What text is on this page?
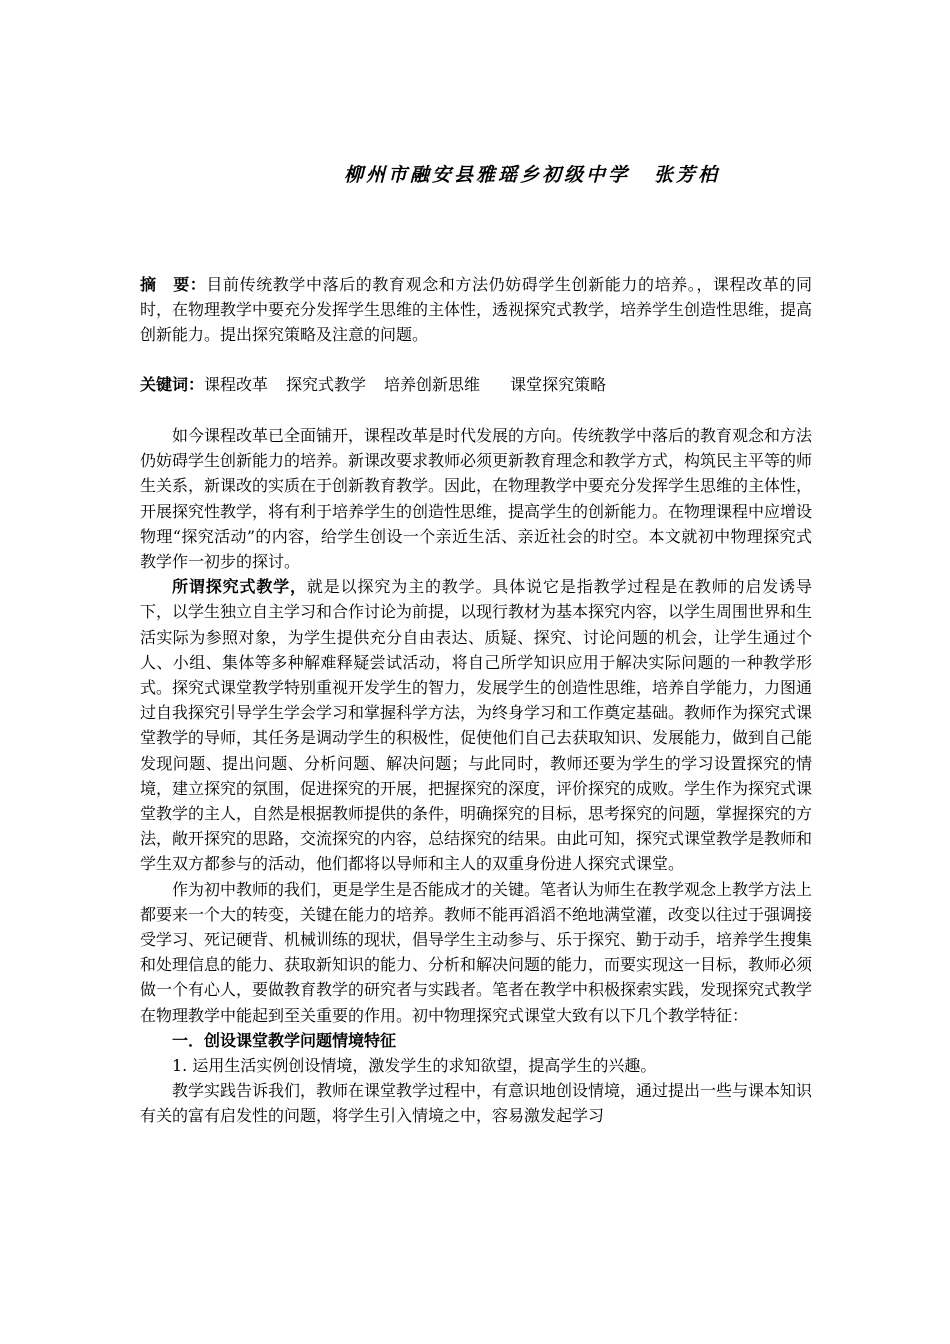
柳州市融安县雅瑶乡初级中学 张芳柏
摘　要：目前传统教学中落后的教育观念和方法仍妨碍学生创新能力的培养。，课程改革的同时，在物理教学中要充分发挥学生思维的主体性，透视探究式教学，培养学生创造性思维，提高创新能力。提出探究策略及注意的问题。
关键词：课程改革 探究式教学 培养创新思维 课堂探究策略

如今课程改革已全面铺开，课程改革是时代发展的方向。传统教学中落后的教育观念和方法仍妨碍学生创新能力的培养。新课改要求教师必须更新教育理念和教学方式，构筑民主平等的师生关系，新课改的实质在于创新教育教学。因此，在物理教学中要充分发挥学生思维的主体性，开展探究性教学，将有利于培养学生的创造性思维，提高学生的创新能力。在物理课程中应增设物理“探究活动”的内容，给学生创设一个亲近生活、亲近社会的时空。本文就初中物理探究式教学作一初步的探讨。

所谓探究式教学，就是以探究为主的教学。具体说它是指教学过程是在教师的启发诱导下，以学生独立自主学习和合作讨论为前提，以现行教材为基本探究内容，以学生周围世界和生活实际为参照对象，为学生提供充分自由表达、质疑、探究、讨论问题的机会，让学生通过个人、小组、集体等多种解难释疑尝试活动，将自己所学知识应用于解决实际问题的一种教学形式。探究式课堂教学特别重视开发学生的智力，发展学生的创造性思维，培养自学能力，力图通过自我探究引导学生学会学习和掌握科学方法，为终身学习和工作奠定基础。教师作为探究式课堂教学的导师，其任务是调动学生的积极性，促使他们自己去获取知识、发展能力，做到自己能发现问题、提出问题、分析问题、解决问题；与此同时，教师还要为学生的学习设置探究的情境，建立探究的氛围，促进探究的开展，把握探究的深度，评价探究的成败。学生作为探究式课堂教学的主人，自然是根据教师提供的条件，明确探究的目标，思考探究的问题，掌握探究的方法，敞开探究的思路，交流探究的内容，总结探究的结果。由此可知，探究式课堂教学是教师和学生双方都参与的活动，他们都将以导师和主人的双重身份进人探究式课堂。

作为初中教师的我们，更是学生是否能成才的关键。笔者认为师生在教学观念上教学方法上都要来一个大的转变，关键在能力的培养。教师不能再滔滔不绝地满堂灌，改变以往过于强调接受学习、死记硬背、机械训练的现状，倡导学生主动参与、乐于探究、勤于动手，培养学生搜集和处理信息的能力、获取新知识的能力、分析和解决问题的能力，而要实现这一目标，教师必须做一个有心人，要做教育教学的研究者与实践者。笔者在教学中积极探索实践，发现探究式教学在物理教学中能起到至关重要的作用。初中物理探究式课堂大致有以下几个教学特征：

一．创设课堂教学问题情境特征

1. 运用生活实例创设情境，激发学生的求知欲望，提高学生的兴趣。

教学实践告诉我们，教师在课堂教学过程中，有意识地创设情境，通过提出一些与课本知识有关的富有启发性的问题，将学生引入情境之中，容易激发起学习
